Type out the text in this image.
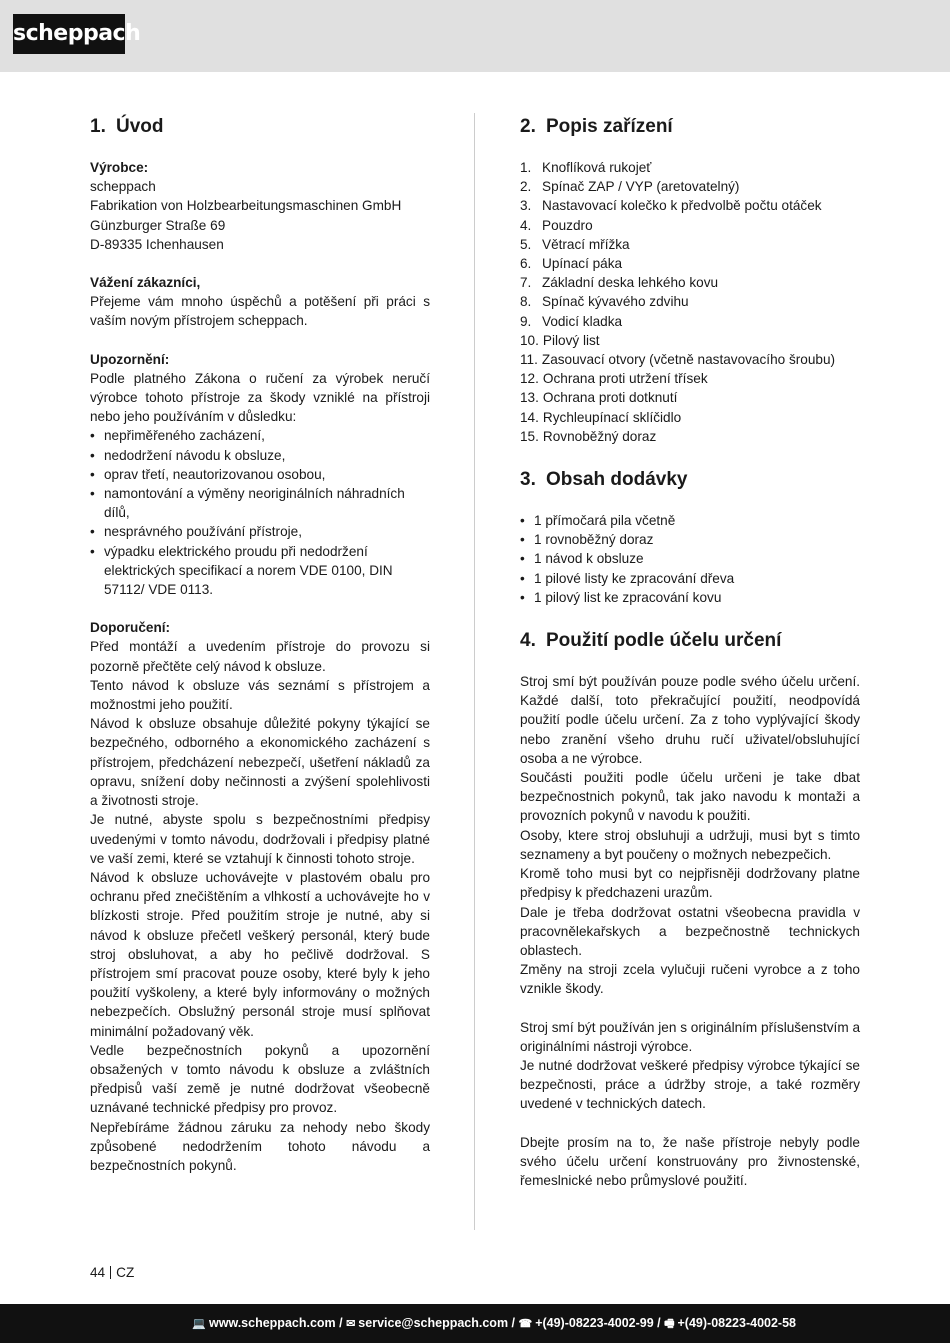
scheppach
1. Úvod

Výrobce:

scheppach

Fabrikation von Holzbearbeitungsmaschinen GmbH

Günzburger Straße 69

D-89335 Ichenhausen

Vážení zákazníci,

Přejeme vám mnoho úspěchů a potěšení při práci s vaším novým přístrojem scheppach.

Upozornění:

Podle platného Zákona o ručení za výrobek neručí výrobce tohoto přístroje za škody vzniklé na přístroji nebo jeho používáním v důsledku:

• nepřiměřeného zacházení,
• nedodržení návodu k obsluze,
• oprav třetí, neautorizovanou osobou,
• namontování a výměny neoriginálních náhradních dílů,
• nesprávného používání přístroje,
• výpadku elektrického proudu při nedodržení elektrických specifikací a norem VDE 0100, DIN 57112/ VDE 0113.

Doporučení:

Před montáží a uvedením přístroje do provozu si pozorně přečtěte celý návod k obsluze.

Tento návod k obsluze vás seznámí s přístrojem a možnostmi jeho použití.

Návod k obsluze obsahuje důležité pokyny týkající se bezpečného, odborného a ekonomického zacházení s přístrojem, předcházení nebezpečí, ušetření nákladů za opravu, snížení doby nečinnosti a zvýšení spolehlivosti a životnosti stroje.

Je nutné, abyste spolu s bezpečnostními předpisy uvedenými v tomto návodu, dodržovali i předpisy platné ve vaší zemi, které se vztahují k činnosti tohoto stroje.

Návod k obsluze uchovávejte v plastovém obalu pro ochranu před znečištěním a vlhkostí a uchovávejte ho v blízkosti stroje. Před použitím stroje je nutné, aby si návod k obsluze přečetl veškerý personál, který bude stroj obsluhovat, a aby ho pečlivě dodržoval. S přístrojem smí pracovat pouze osoby, které byly k jeho použití vyškoleny, a které byly informovány o možných nebezpečích. Obslužný personál stroje musí splňovat minimální požadovaný věk.

Vedle bezpečnostních pokynů a upozornění obsažených v tomto návodu k obsluze a zvláštních předpisů vaší země je nutné dodržovat všeobecně uznávané technické předpisy pro provoz.

Nepřebíráme žádnou záruku za nehody nebo škody způsobené nedodržením tohoto návodu a bezpečnostních pokynů.

2. Popis zařízení
1. Knoflíková rukojeť
2. Spínač ZAP / VYP (aretovatelný)
3. Nastavovací kolečko k předvolbě počtu otáček
4. Pouzdro
5. Větrací mřížka
6. Upínací páka
7. Základní deska lehkého kovu
8. Spínač kývavého zdvihu
9. Vodicí kladka
10. Pilový list
11. Zasouvací otvory (včetně nastavovacího šroubu)
12. Ochrana proti utržení třísek
13. Ochrana proti dotknutí
14. Rychleupínací sklíčidlo
15. Rovnoběžný doraz
3. Obsah dodávky
• 1 přímočará pila včetně
• 1 rovnoběžný doraz
• 1 návod k obsluze
• 1 pilové listy ke zpracování dřeva
• 1 pilový list ke zpracování kovu
4. Použití podle účelu určení

Stroj smí být používán pouze podle svého účelu určení. Každé další, toto překračující použití, neodpovídá použití podle účelu určení. Za z toho vyplývající škody nebo zranění všeho druhu ručí uživatel/obsluhující osoba a ne výrobce.

Součásti použiti podle účelu určeni je take dbat bezpečnostnich pokynů, tak jako navodu k montaži a provozních pokynů v navodu k použiti.

Osoby, ktere stroj obsluhuji a udržuji, musi byt s timto seznameny a byt poučeny o možnych nebezpečich.

Kromě toho musi byt co nejpřisněji dodržovany platne předpisy k předchazeni urazům.

Dale je třeba dodržovat ostatni všeobecna pravidla v pracovnělekařskych a bezpečnostně technickych oblastech.

Změny na stroji zcela vylučuji ručeni vyrobce a z toho vznikle škody.

Stroj smí být používán jen s originálním příslušenstvím a originálními nástroji výrobce.

Je nutné dodržovat veškeré předpisy výrobce týkající se bezpečnosti, práce a údržby stroje, a také rozměry uvedené v technických datech.

Dbejte prosím na to, že naše přístroje nebyly podle svého účelu určení konstruovány pro živnostenské, řemeslnické nebo průmyslové použití.

44 CZ
💻 www.scheppach.com / ✉ service@scheppach.com / ☎ +(49)-08223-4002-99 / 🖷 +(49)-08223-4002-58
